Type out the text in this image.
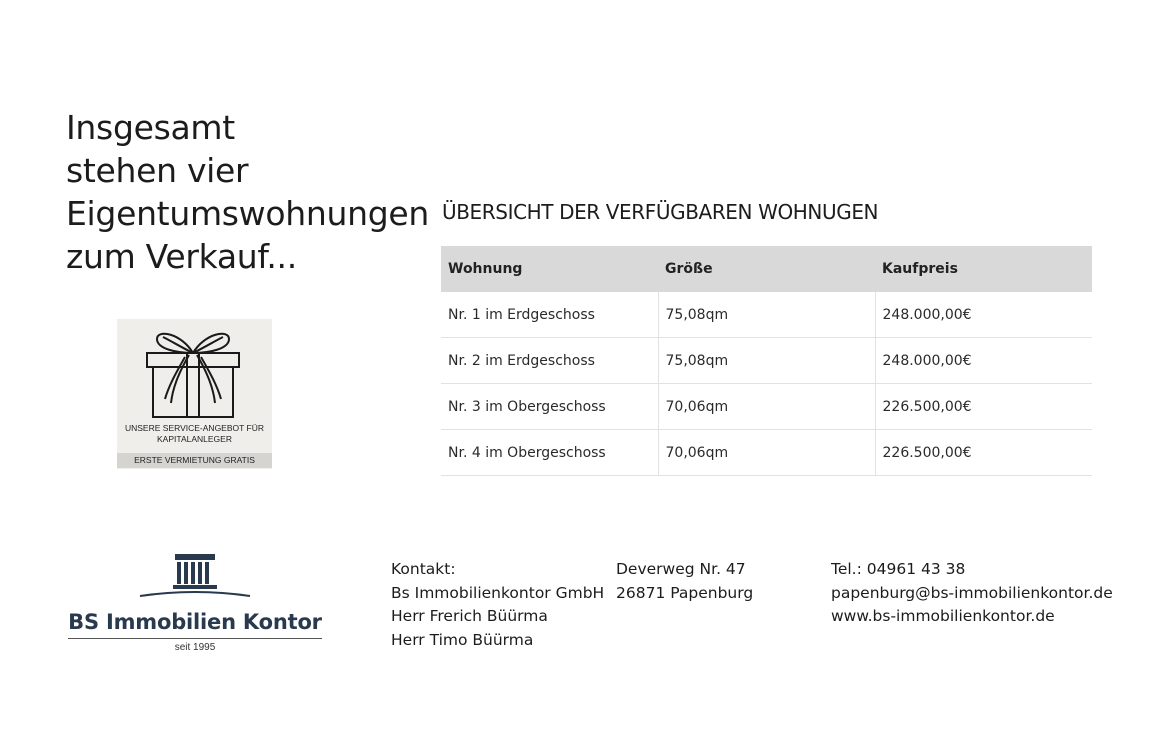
Insgesamt
stehen vier
Eigentumswohnungen
zum Verkauf...
UNSERE SERVICE-ANGEBOT FÜR
KAPITALANLEGER
ERSTE VERMIETUNG GRATIS
ÜBERSICHT DER VERFÜGBAREN WOHNUGEN
Wohnung	Größe	Kaufpreis
Nr. 1 im Erdgeschoss	75,08qm	248.000,00€
Nr. 2 im Erdgeschoss	75,08qm	248.000,00€
Nr. 3 im Obergeschoss	70,06qm	226.500,00€
Nr. 4 im Obergeschoss	70,06qm	226.500,00€
BS Immobilien Kontor
seit 1995
Kontakt:
Bs Immobilienkontor GmbH
Herr Frerich Büürma
Herr Timo Büürma
Deverweg Nr. 47
26871 Papenburg
Tel.: 04961 43 38
papenburg@bs-immobilienkontor.de
www.bs-immobilienkontor.de
